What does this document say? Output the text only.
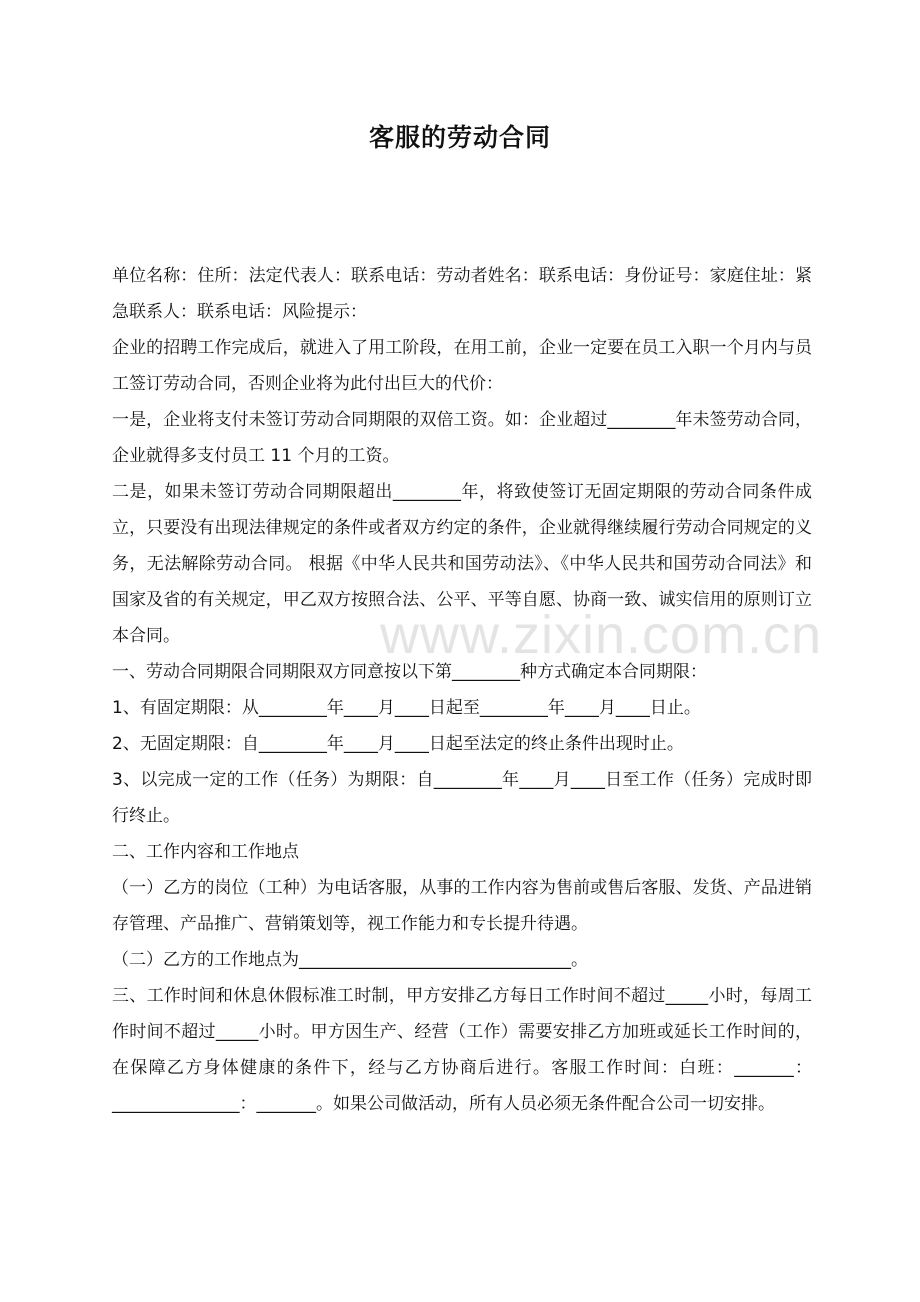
客服的劳动合同

单位名称：住所：法定代表人：联系电话：劳动者姓名：联系电话：身份证号：家庭住址：紧急联系人：联系电话：风险提示：

企业的招聘工作完成后，就进入了用工阶段，在用工前，企业一定要在员工入职一个月内与员工签订劳动合同，否则企业将为此付出巨大的代价：

一是，企业将支付未签订劳动合同期限的双倍工资。如：企业超过________年未签劳动合同，企业就得多支付员工 11 个月的工资。

二是，如果未签订劳动合同期限超出________年，将致使签订无固定期限的劳动合同条件成立，只要没有出现法律规定的条件或者双方约定的条件，企业就得继续履行劳动合同规定的义务，无法解除劳动合同。 根据《中华人民共和国劳动法》、《中华人民共和国劳动合同法》和国家及省的有关规定，甲乙双方按照合法、公平、平等自愿、协商一致、诚实信用的原则订立本合同。

一、劳动合同期限合同期限双方同意按以下第________种方式确定本合同期限：

1、有固定期限：从________年____月____日起至________年____月____日止。

2、无固定期限：自________年____月____日起至法定的终止条件出现时止。

3、以完成一定的工作（任务）为期限：自________年____月____日至工作（任务）完成时即行终止。

二、工作内容和工作地点

（一）乙方的岗位（工种）为电话客服，从事的工作内容为售前或售后客服、发货、产品进销存管理、产品推广、营销策划等，视工作能力和专长提升待遇。

（二）乙方的工作地点为________________________________。

三、工作时间和休息休假标准工时制，甲方安排乙方每日工作时间不超过_____小时，每周工作时间不超过_____小时。甲方因生产、经营（工作）需要安排乙方加班或延长工作时间的，在保障乙方身体健康的条件下，经与乙方协商后进行。客服工作时间：白班：_______：_______________：_______。如果公司做活动，所有人员必须无条件配合公司一切安排。

www.zixin.com.cn
